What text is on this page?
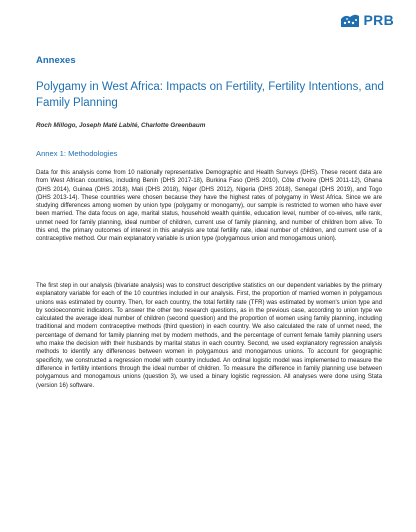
PRB
Annexes
Polygamy in West Africa: Impacts on Fertility, Fertility Intentions, and Family Planning
Roch Millogo, Joseph Maté Labité, Charlotte Greenbaum
Annex 1: Methodologies

Data for this analysis come from 10 nationally representative Demographic and Health Surveys (DHS). These recent data are from West African countries, including Benin (DHS 2017-18), Burkina Faso (DHS 2010), Côte d'Ivoire (DHS 2011-12), Ghana (DHS 2014), Guinea (DHS 2018), Mali (DHS 2018), Niger (DHS 2012), Nigeria (DHS 2018), Senegal (DHS 2019), and Togo (DHS 2013-14). These countries were chosen because they have the highest rates of polygamy in West Africa. Since we are studying differences among women by union type (polygamy or monogamy), our sample is restricted to women who have ever been married. The data focus on age, marital status, household wealth quintile, education level, number of co-wives, wife rank, unmet need for family planning, ideal number of children, current use of family planning, and number of children born alive. To this end, the primary outcomes of interest in this analysis are total fertility rate, ideal number of children, and current use of a contraceptive method. Our main explanatory variable is union type (polygamous union and monogamous union).

The first step in our analysis (bivariate analysis) was to construct descriptive statistics on our dependent variables by the primary explanatory variable for each of the 10 countries included in our analysis. First, the proportion of married women in polygamous unions was estimated by country. Then, for each country, the total fertility rate (TFR) was estimated by women's union type and by socioeconomic indicators. To answer the other two research questions, as in the previous case, according to union type we calculated the average ideal number of children (second question) and the proportion of women using family planning, including traditional and modern contraceptive methods (third question) in each country. We also calculated the rate of unmet need, the percentage of demand for family planning met by modern methods, and the percentage of current female family planning users who make the decision with their husbands by marital status in each country. Second, we used explanatory regression analysis methods to identify any differences between women in polygamous and monogamous unions. To account for geographic specificity, we constructed a regression model with country included. An ordinal logistic model was implemented to measure the difference in fertility intentions through the ideal number of children. To measure the difference in family planning use between polygamous and monogamous unions (question 3), we used a binary logistic regression. All analyses were done using Stata (version 16) software.
